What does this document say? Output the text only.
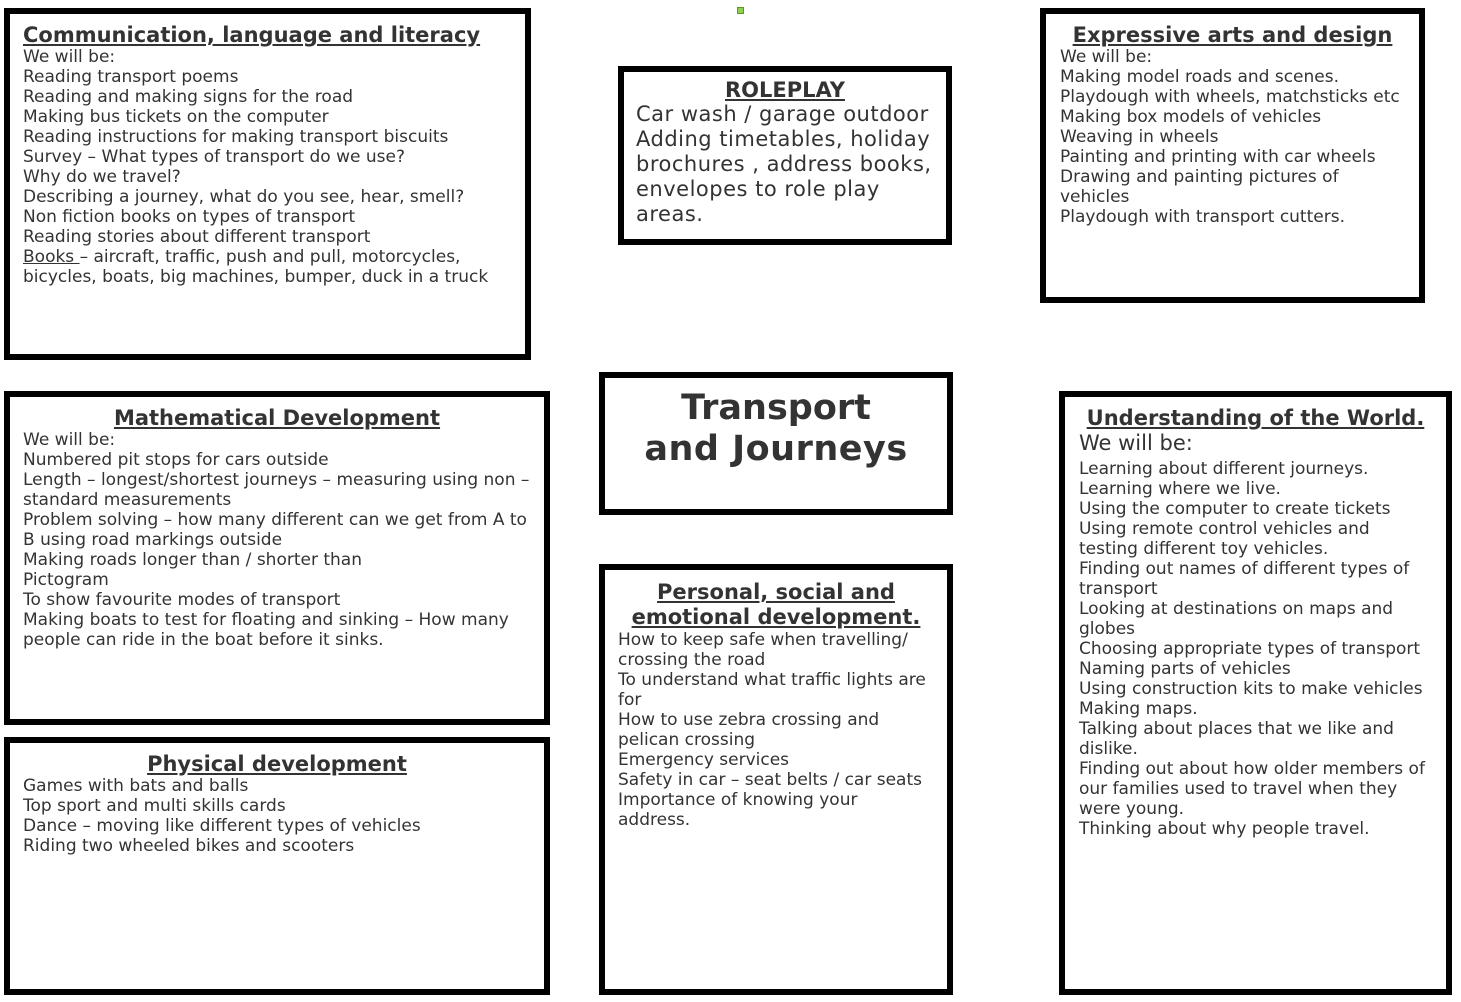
Communication, language and literacy
We will be:
Reading transport poems
Reading and making signs for the road
Making bus tickets on the computer
Reading instructions for making transport biscuits
Survey – What types of transport do we use?
Why do we travel?
Describing a journey, what do you see, hear, smell?
Non fiction books on types of transport
Reading stories about different transport
Books – aircraft, traffic, push and pull, motorcycles, bicycles, boats, big machines, bumper, duck in a truck
ROLEPLAY
Car wash / garage outdoor
Adding timetables, holiday brochures , address books, envelopes to role play areas.
Expressive arts and design
We will be:
Making model roads and scenes.
Playdough with wheels, matchsticks etc
Making box models of vehicles
Weaving in wheels
Painting and printing with car wheels
Drawing and painting pictures of vehicles
Playdough with transport cutters.
Mathematical Development
We will be:
Numbered pit stops for cars outside
Length – longest/shortest journeys – measuring using non – standard measurements
Problem solving – how many different can we get from A to B using road markings outside
Making roads longer than / shorter than
Pictogram
To show favourite modes of transport
Making boats to test for floating and sinking – How many people can ride in the boat before it sinks.
Transport
and Journeys
Understanding of the World.
We will be:
Learning about different journeys.
Learning where we live.
Using the computer to create tickets
Using remote control vehicles and testing different toy vehicles.
Finding out names of different types of transport
Looking at destinations on maps and globes
Choosing appropriate types of transport
Naming parts of vehicles
Using construction kits to make vehicles
Making maps.
Talking about places that we like and dislike.
Finding out about how older members of our families used to travel when they were young.
Thinking about why people travel.
Physical development
Games with bats and balls
Top sport and multi skills cards
Dance – moving like different types of vehicles
Riding two wheeled bikes and scooters
Personal, social and emotional development.
How to keep safe when travelling/ crossing the road
To understand what traffic lights are for
How to use zebra crossing and pelican crossing
Emergency services
Safety in car – seat belts / car seats
Importance of knowing your address.
